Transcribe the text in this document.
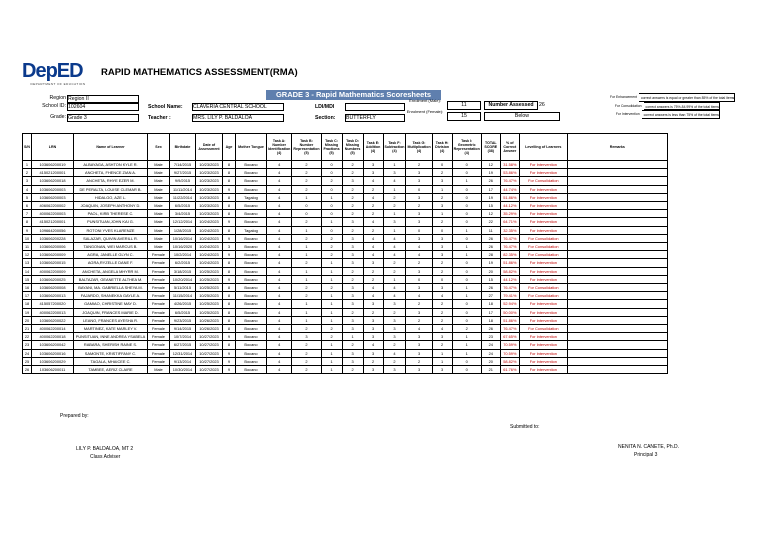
DepED
DEPARTMENT OF EDUCATION
RAPID MATHEMATICS ASSESSMENT(RMA)
Region Region II
School ID: 102604
Grade: Grade 3
School Name: CLAVERIA CENTRAL SCHOOL
Teacher :	MRS. LILY P. BALDALOA
GRADE 3 - Rapid Mathematics Scoresheets
LDI/MDI
Section: BUTTERFLY
Enrolment (Male):
11
Enrolment (Female):
15
Number Assessed	26
Below
For Enhancement	correct answers is equal or greater than 85% of the total items
For Consolidation	correct answers is 75%-84.99% of the total items
For Intervention	correct answers is less than 75% of the total items
S/N	LRN	Name of Learner	Sex	Birthdate	Date of Assessment	Age	Mother Tongue	Task A: Number Identification (4)	Task B: Number Representation (5)	Task C: Missing Fractions (5)	Task D: Missing Numbers (5)	Task E: Addition (4)	Task F: Subtraction (4)	Task G: Multiplication (4)	Task H: Division (4)	Task I: Geometric Representation (4)	TOTAL SCORE (38)	% of Correct Answer	Levelling of Learners	Remarks
1	103606200019	ALBAYAGA, ASHTON KYLE R.	Male	7/14/2015	10/23/2023	8	Bocano	4	2	0	2	3	1	2	0	0	12	31.58%	For Intervention	
2	415021200001	ANCHETA, FHENCE ZIAN A.	Male	9/27/2015	10/23/2023	8	Bocano	4	2	0	2	3	3	3	2	0	19	53.86%	For Intervention	
3	103606200018	ANCHETA, RHYE EZER M.	Male	9/9/2015	10/23/2023	8	Bocano	4	2	2	3	4	4	3	3	1	26	76.47%	For Consolidation	
4	103606200003	DE PERALTA, LOUISE CLEMAR B.	Male	11/11/2014	10/23/2023	9	Bocano	4	2	0	2	2	1	0	1	0	17	44.74%	For Intervention	
5	103606200003	HIDALGO, AZE L.	Male	11/22/2014	10/23/2023	8	Tagalog	4	1	1	2	4	2	3	2	0	19	51.86%	For Intervention	
6	406062200002	JOAQUIN, JOSEPH ANTHONY D.	Male	6/5/2015	10/23/2023	8	Bocano	4	0	0	2	2	2	2	3	0	15	44.12%	For Intervention	
7	400062200003	PAOL, KIRB THERESE C.	Male	3/4/2015	10/23/2023	8	Bocano	4	0	0	2	2	1	3	1	0	12	35.29%	For Intervention	
8	415021200001	PUNSITUAN,JOHN KAI G.	Male	12/12/2014	10/24/2023	9	Bocano	4	2	1	3	4	3	3	2	0	22	64.71%	For Intervention	
9	109664200056	ROTONI YVES KLARENZE	Male	1/28/2015	10/24/2023	8	Tagalog	4	1	0	2	2	1	0	0	1	11	32.35%	For Intervention	
10	103606200228	SALAZAR, QUIVIN AVERILL R.	Male	10/16/2014	10/24/2023	9	Bocano	4	2	2	3	4	4	3	3	0	26	76.47%	For Consolidation	
11	103606200006	TANGONAN, WEI MARCUS B.	Male	10/16/2020	10/24/2023	3	Bocano	4	1	2	3	4	4	4	3	1	26	76.47%	For Consolidation	
12	103606200009	AGRA, JANELLE GLYN C.	Female	10/2/2014	10/24/2023	9	Bocano	4	1	2	3	4	4	4	3	1	28	82.35%	For Consolidation	
13	103606200015	AGRA,RYZELLE DANE F.	Female	6/2/2015	10/24/2023	8	Bocano	4	2	1	3	3	2	2	2	0	19	51.86%	For Intervention	
14	400062200009	ANCHETA, ANGELA MHYRR M.	Female	3/18/2015	10/25/2023	8	Bocano	4	1	1	2	2	2	3	2	0	20	58.82%	For Intervention	
15	103606200025	BALTAZAR, GEANETTE ALTHEA M.	Female	10/20/2014	10/25/2023	9	Bocano	4	1	1	2	2	1	0	0	0	15	44.12%	For Intervention	
16	103606200008	BAYANI, MA. GABRIELLA SHEYA M.	Female	5/11/2015	10/25/2023	8	Bocano	4	2	2	3	4	4	3	3	1	26	76.47%	For Consolidation	
17	103606200013	FAJARDO, SHANEKKA GAYLE A.	Female	11/15/2014	10/25/2023	8	Bocano	4	2	1	3	4	4	4	4	1	27	79.41%	For Consolidation	
18	415057200020	GAMIAO, CHRISTINE MAY D.	Female	4/26/2015	10/25/2023	8	Bocano	4	1	1	3	3	3	2	2	0	18	52.94%	For Intervention	
19	400062200013	JOAQUIN, FRANCES MARIE D.	Female	6/5/2015	10/25/2023	8	Bocano	4	1	1	2	2	2	3	2	0	17	50.00%	For Intervention	
20	103606200022	LEANO, FRANCES AYESHA R.	Female	9/23/2015	10/26/2023	8	Bocano	4	1	1	3	3	3	2	2	0	18	51.86%	For Intervention	
21	400062200014	MARTINEZ, KATE MARLEY V.	Female	9/14/2015	10/26/2023	8	Bocano	4	2	2	3	3	3	4	4	2	26	76.47%	For Consolidation	
22	400062200018	PUNSITUAN, INNE ANDREA YSABELA	Female	10/7/2014	10/27/2023	9	Bocano	4	3	2	1	3	3	3	3	1	23	67.65%	For Intervention	
23	103606200042	RABARA, SHERISH RAINE S.	Female	6/27/2015	10/27/2023	8	Bocano	4	2	1	2	4	2	3	2	1	24	70.59%	For Intervention	
24	103606200016	SAMONTE, KRISTIFFANY C.	Female	12/31/2014	10/27/2023	9	Bocano	4	2	1	3	3	4	3	1	1	24	70.59%	For Intervention	
25	103606200029	TAGALA, MHAICEE C.	Female	9/13/2014	10/27/2023	9	Bocano	4	2	1	3	2	2	2	1	0	20	58.82%	For Intervention	
26	103606200011	TAMBEE, AERIZ CLAIRE	Male	10/30/2014	10/27/2023	9	Bocano	4	2	1	2	3	3	3	3	0	21	61.76%	For Intervention	
Prepared by:
LILY P. BALDALOA, MT 2
Class Adviser
Submitted to:
NENITA N. CANETE, Ph.D.
Principal 3
